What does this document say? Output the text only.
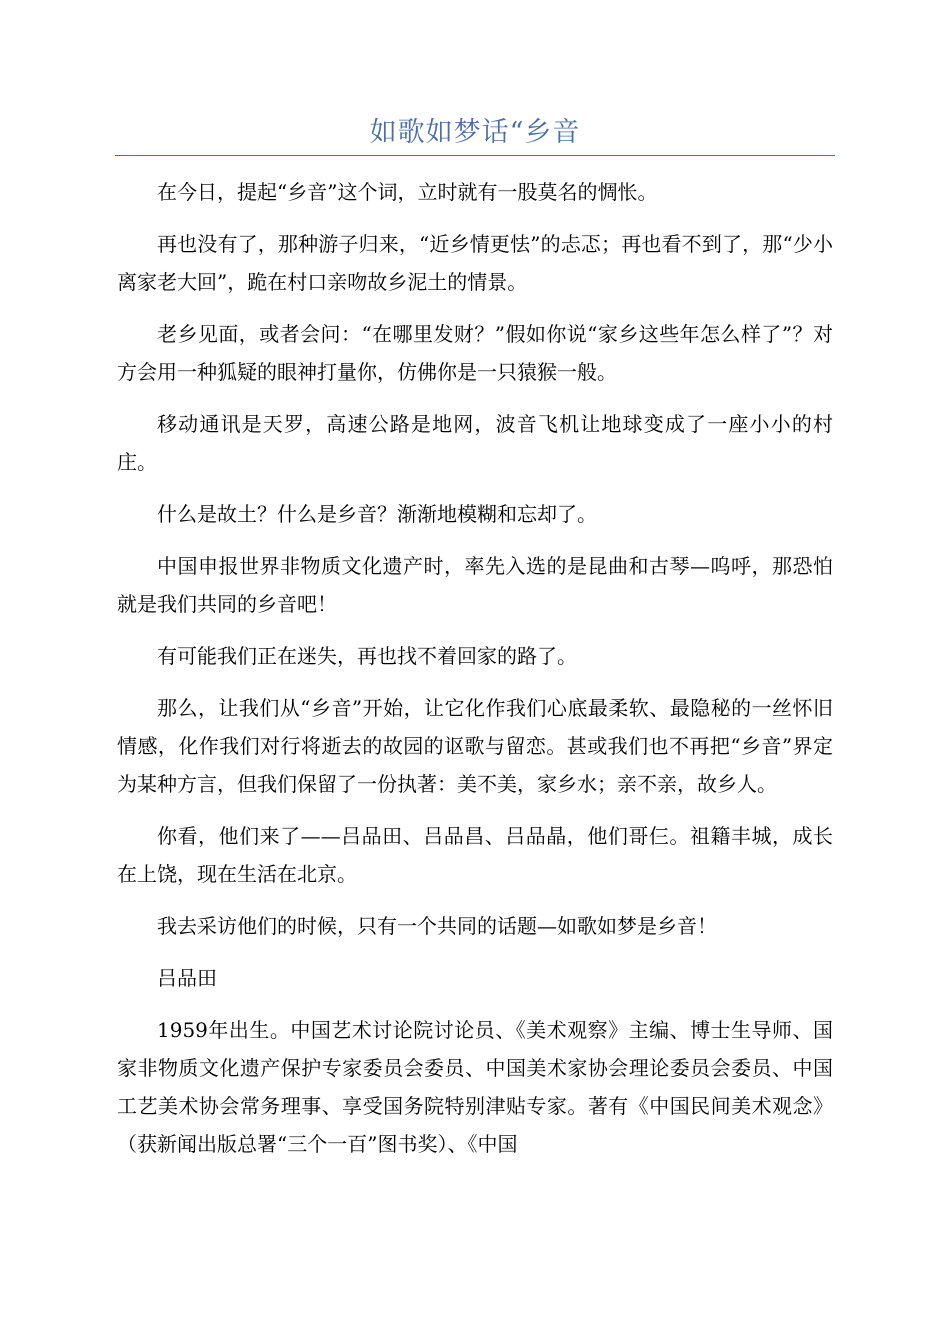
如歌如梦话“乡音

在今日，提起“乡音”这个词，立时就有一股莫名的惆怅。

再也没有了，那种游子归来，“近乡情更怯”的忐忑；再也看不到了，那“少小离家老大回”，跪在村口亲吻故乡泥土的情景。

老乡见面，或者会问：“在哪里发财？”假如你说“家乡这些年怎么样了”？对方会用一种狐疑的眼神打量你，仿佛你是一只猿猴一般。

移动通讯是天罗，高速公路是地网，波音飞机让地球变成了一座小小的村庄。

什么是故土？什么是乡音？渐渐地模糊和忘却了。

中国申报世界非物质文化遗产时，率先入选的是昆曲和古琴—呜呼，那恐怕就是我们共同的乡音吧！

有可能我们正在迷失，再也找不着回家的路了。

那么，让我们从“乡音”开始，让它化作我们心底最柔软、最隐秘的一丝怀旧情感，化作我们对行将逝去的故园的讴歌与留恋。甚或我们也不再把“乡音”界定为某种方言，但我们保留了一份执著：美不美，家乡水；亲不亲，故乡人。

你看，他们来了——吕品田、吕品昌、吕品晶，他们哥仨。祖籍丰城，成长在上饶，现在生活在北京。

我去采访他们的时候，只有一个共同的话题—如歌如梦是乡音！

吕品田

1959年出生。中国艺术讨论院讨论员、《美术观察》主编、博士生导师、国家非物质文化遗产保护专家委员会委员、中国美术家协会理论委员会委员、中国工艺美术协会常务理事、享受国务院特别津贴专家。著有《中国民间美术观念》（获新闻出版总署“三个一百”图书奖）、《中国
